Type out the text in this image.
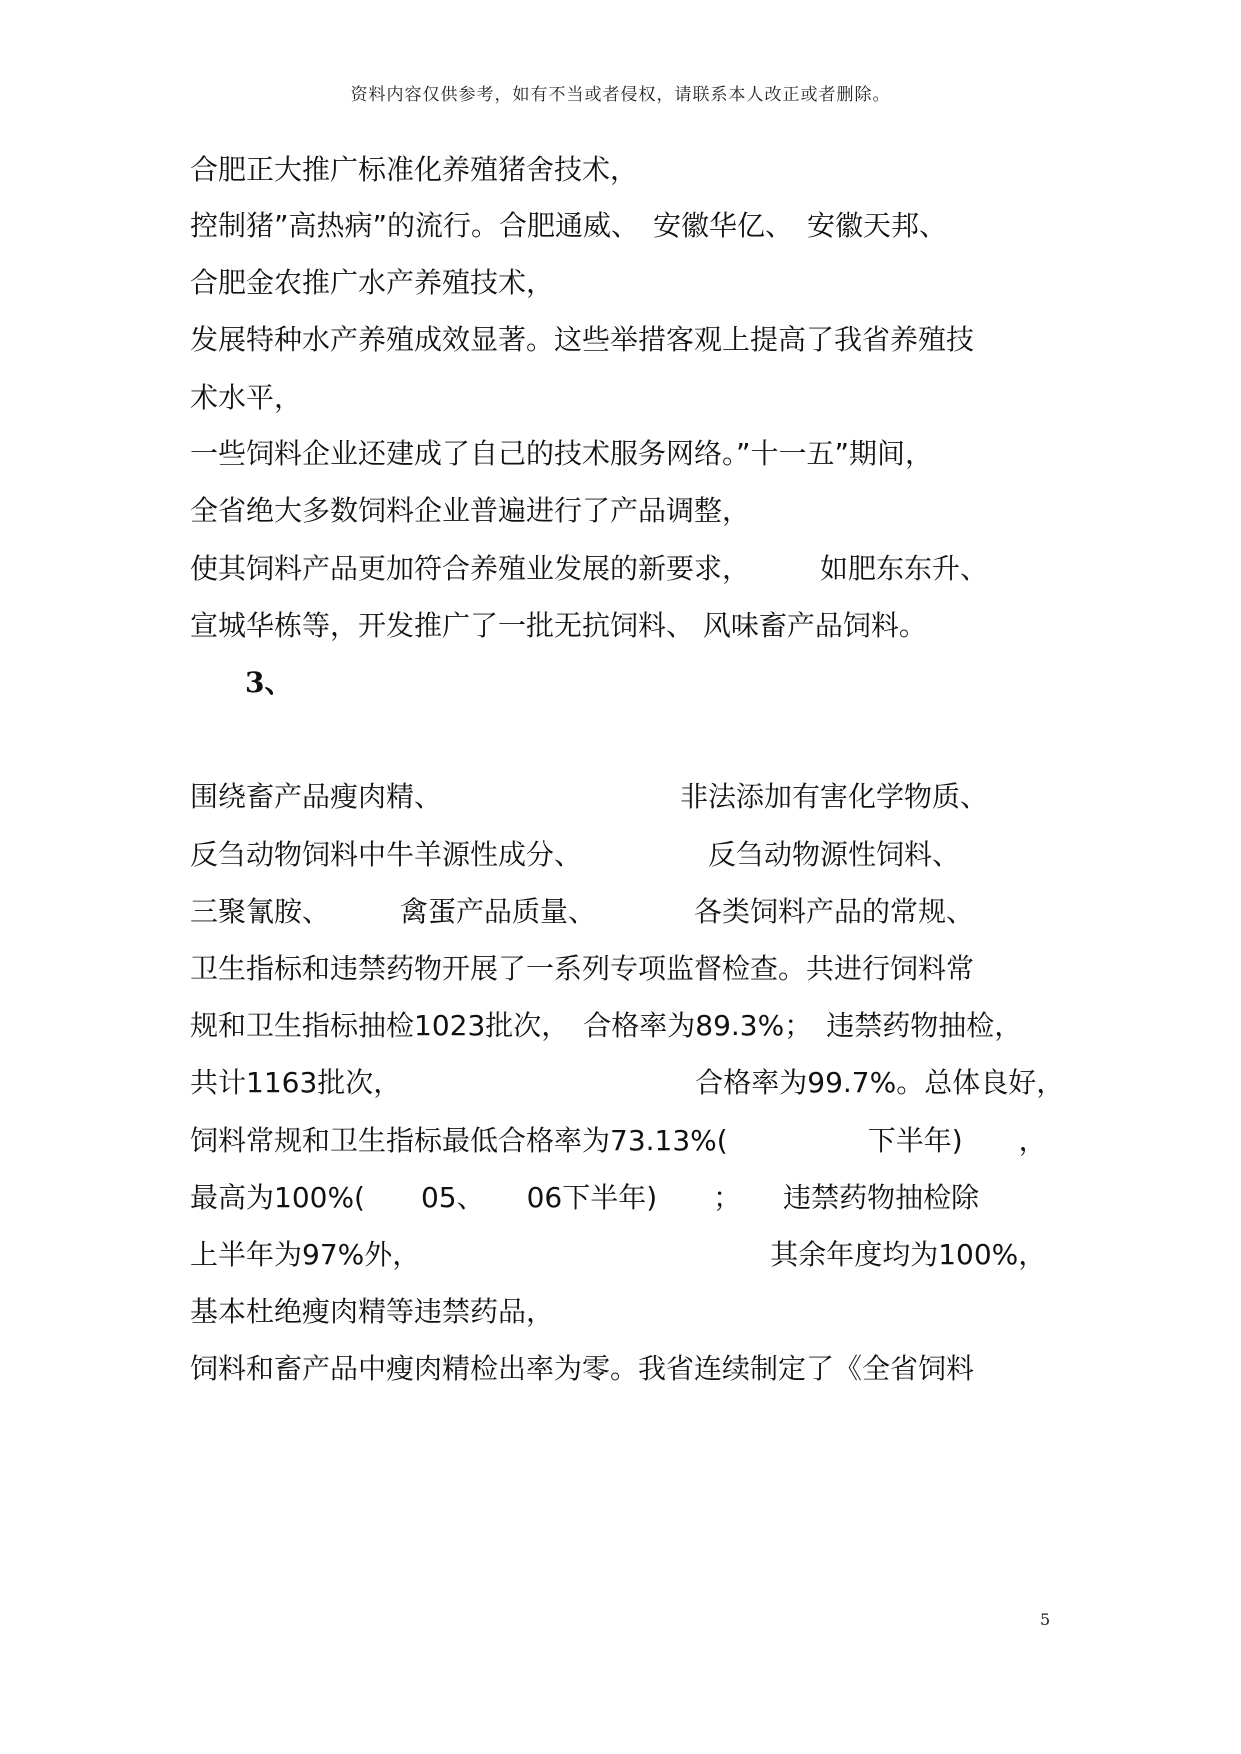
资料内容仅供参考，如有不当或者侵权，请联系本人改正或者删除。
合肥正大推广标准化养殖猪舍技术，
控制猪”高热病”的流行。合肥通威、　安徽华亿、　安徽天邦、
合肥金农推广水产养殖技术，
发展特种水产养殖成效显著。这些举措客观上提高了我省养殖技
术水平，
一些饲料企业还建成了自己的技术服务网络。”十一五”期间，
全省绝大多数饲料企业普遍进行了产品调整，
使其饲料产品更加符合养殖业发展的新要求，　　　如肥东东升、
宣城华栋等，开发推广了一批无抗饲料、 风味畜产品饲料。
3、

围绕畜产品瘦肉精、　　　　　　　　　非法添加有害化学物质、
反刍动物饲料中牛羊源性成分、　　　　　反刍动物源性饲料、
三聚氰胺、　　　禽蛋产品质量、　　　　各类饲料产品的常规、
卫生指标和违禁药物开展了一系列专项监督检查。共进行饲料常
规和卫生指标抽检1023批次，　合格率为89.3%；　违禁药物抽检，
共计1163批次，　　　　　　　　　　　合格率为99.7%。总体良好，
饲料常规和卫生指标最低合格率为73.13%(　　　　　下半年)　　，
最高为100%(　　05、　　06下半年)　　；　　违禁药物抽检除
上半年为97%外，　　　　　　　　　　　　　其余年度均为100%，
基本杜绝瘦肉精等违禁药品，
饲料和畜产品中瘦肉精检出率为零。我省连续制定了《全省饲料
5
